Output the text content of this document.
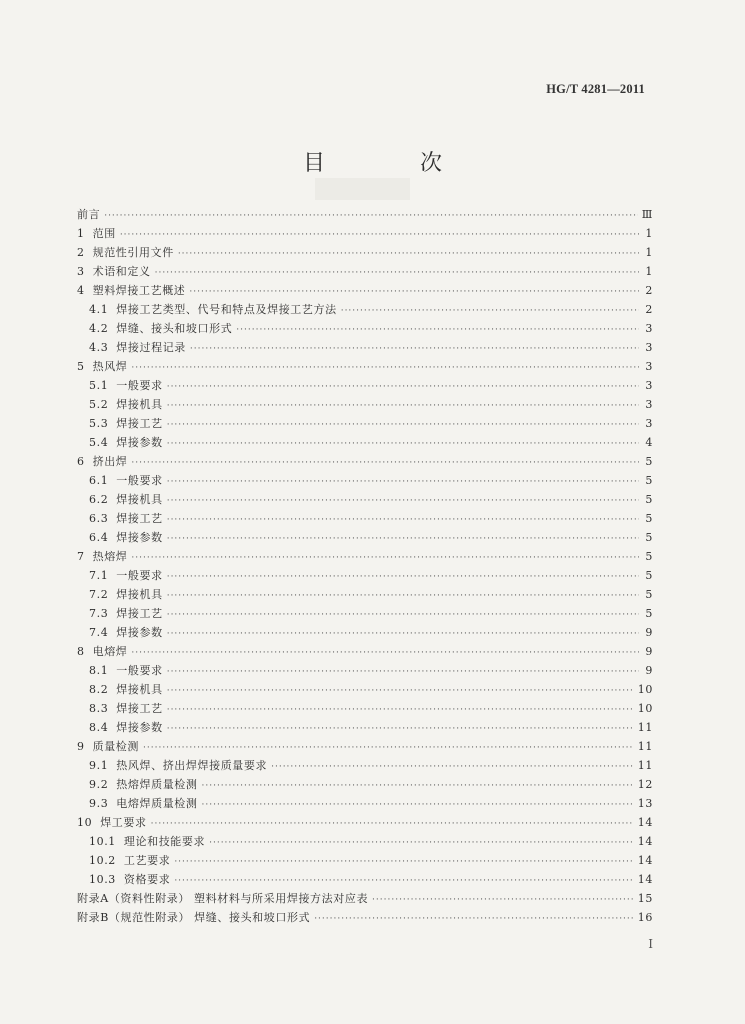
HG/T 4281—2011
目 次
前言 ·····	Ⅲ
1 范围 ·····	1
2 规范性引用文件 ·····	1
3 术语和定义 ·····	1
4 塑料焊接工艺概述 ·····	2
4.1 焊接工艺类型、代号和特点及焊接工艺方法 ·····	2
4.2 焊缝、接头和坡口形式 ·····	3
4.3 焊接过程记录 ·····	3
5 热风焊 ·····	3
5.1 一般要求 ·····	3
5.2 焊接机具 ·····	3
5.3 焊接工艺 ·····	3
5.4 焊接参数 ·····	4
6 挤出焊 ·····	5
6.1 一般要求 ·····	5
6.2 焊接机具 ·····	5
6.3 焊接工艺 ·····	5
6.4 焊接参数 ·····	5
7 热熔焊 ·····	5
7.1 一般要求 ·····	5
7.2 焊接机具 ·····	5
7.3 焊接工艺 ·····	5
7.4 焊接参数 ·····	9
8 电熔焊 ·····	9
8.1 一般要求 ·····	9
8.2 焊接机具 ·····	10
8.3 焊接工艺 ·····	10
8.4 焊接参数 ·····	11
9 质量检测 ·····	11
9.1 热风焊、挤出焊焊接质量要求 ·····	11
9.2 热熔焊质量检测 ·····	12
9.3 电熔焊质量检测 ·····	13
10 焊工要求 ·····	14
10.1 理论和技能要求 ·····	14
10.2 工艺要求 ·····	14
10.3 资格要求 ·····	14
附录A（资料性附录） 塑料材料与所采用焊接方法对应表 ·····	15
附录B（规范性附录） 焊缝、接头和坡口形式 ·····	16
I
